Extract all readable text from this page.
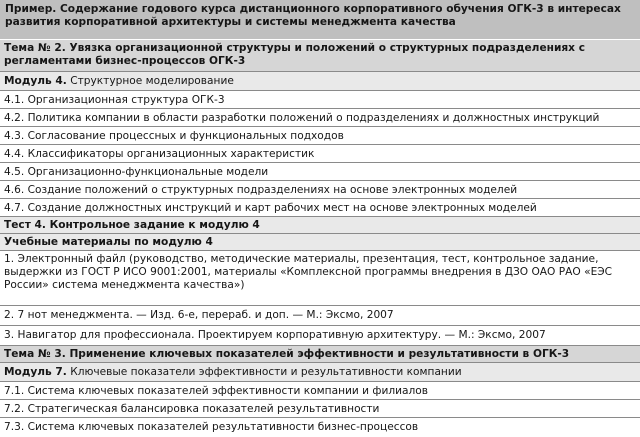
Пример. Содержание годового курса дистанционного корпоративного обучения ОГК-3 в интересах развития корпоративной архитектуры и системы менеджмента качества
Тема № 2. Увязка организационной структуры и положений о структурных подразделениях с регламентами бизнес-процессов ОГК-3
Модуль 4. Структурное моделирование
4.1. Организационная структура ОГК-3
4.2. Политика компании в области разработки положений о подразделениях и должностных инструкций
4.3. Согласование процессных и функциональных подходов
4.4. Классификаторы организационных характеристик
4.5. Организационно-функциональные модели
4.6. Создание положений о структурных подразделениях на основе электронных моделей
4.7. Создание должностных инструкций и карт рабочих мест на основе электронных моделей
Тест 4. Контрольное задание к модулю 4
Учебные материалы по модулю 4
1. Электронный файл (руководство, методические материалы, презентация, тест, контрольное задание, выдержки из ГОСТ Р ИСО 9001:2001, материалы «Комплексной программы внедрения в ДЗО ОАО РАО «ЕЭС России» система менеджмента качества»)
2. 7 нот менеджмента. — Изд. 6-е, перераб. и доп. — М.: Эксмо, 2007
3. Навигатор для профессионала. Проектируем корпоративную архитектуру. — М.: Эксмо, 2007
Тема № 3. Применение ключевых показателей эффективности и результативности в ОГК-3
Модуль 7. Ключевые показатели эффективности и результативности компании
7.1. Система ключевых показателей эффективности компании и филиалов
7.2. Стратегическая балансировка показателей результативности
7.3. Система ключевых показателей результативности бизнес-процессов
